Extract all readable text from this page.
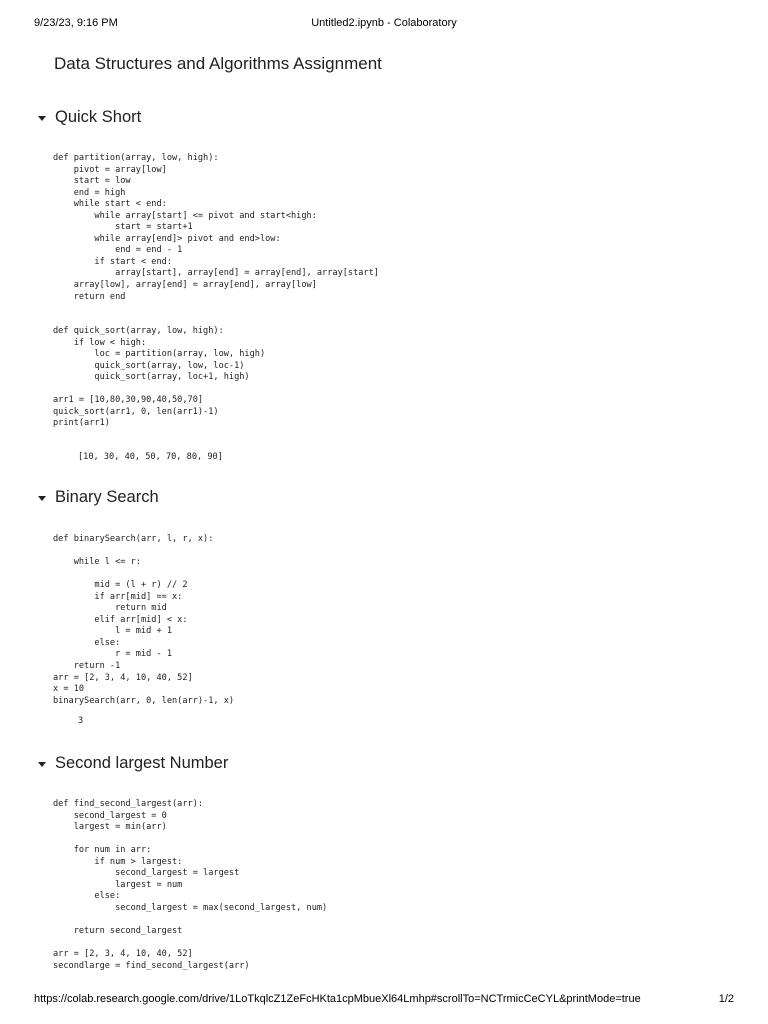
9/23/23, 9:16 PM	Untitled2.ipynb - Colaboratory
Data Structures and Algorithms Assignment
Quick Short
def partition(array, low, high):
pivot = array[low]
start = low
end = high
while start < end:
while array[start] <= pivot and start<high:
start = start+1
while array[end]> pivot and end>low:
end = end - 1
if start < end:
array[start], array[end] = array[end], array[start]
array[low], array[end] = array[end], array[low]
return end
def quick_sort(array, low, high):
if low < high:
loc = partition(array, low, high)
quick_sort(array, low, loc-1)
quick_sort(array, loc+1, high)

arr1 = [10,80,30,90,40,50,70]
quick_sort(arr1, 0, len(arr1)-1)
print(arr1)
[10, 30, 40, 50, 70, 80, 90]
Binary Search
def binarySearch(arr, l, r, x):

while l <= r:

mid = (l + r) // 2
if arr[mid] == x:
return mid
elif arr[mid] < x:
l = mid + 1
else:
r = mid - 1
return -1
arr = [2, 3, 4, 10, 40, 52]
x = 10
binarySearch(arr, 0, len(arr)-1, x)
3
Second largest Number
def find_second_largest(arr):
second_largest = 0
largest = min(arr)

for num in arr:
if num > largest:
second_largest = largest
largest = num
else:
second_largest = max(second_largest, num)

return second_largest

arr = [2, 3, 4, 10, 40, 52]
secondlarge = find_second_largest(arr)
https://colab.research.google.com/drive/1LoTkqlcZ1ZeFcHKta1cpMbueXl64Lmhp#scrollTo=NCTrmicCeCYL&printMode=true	1/2
